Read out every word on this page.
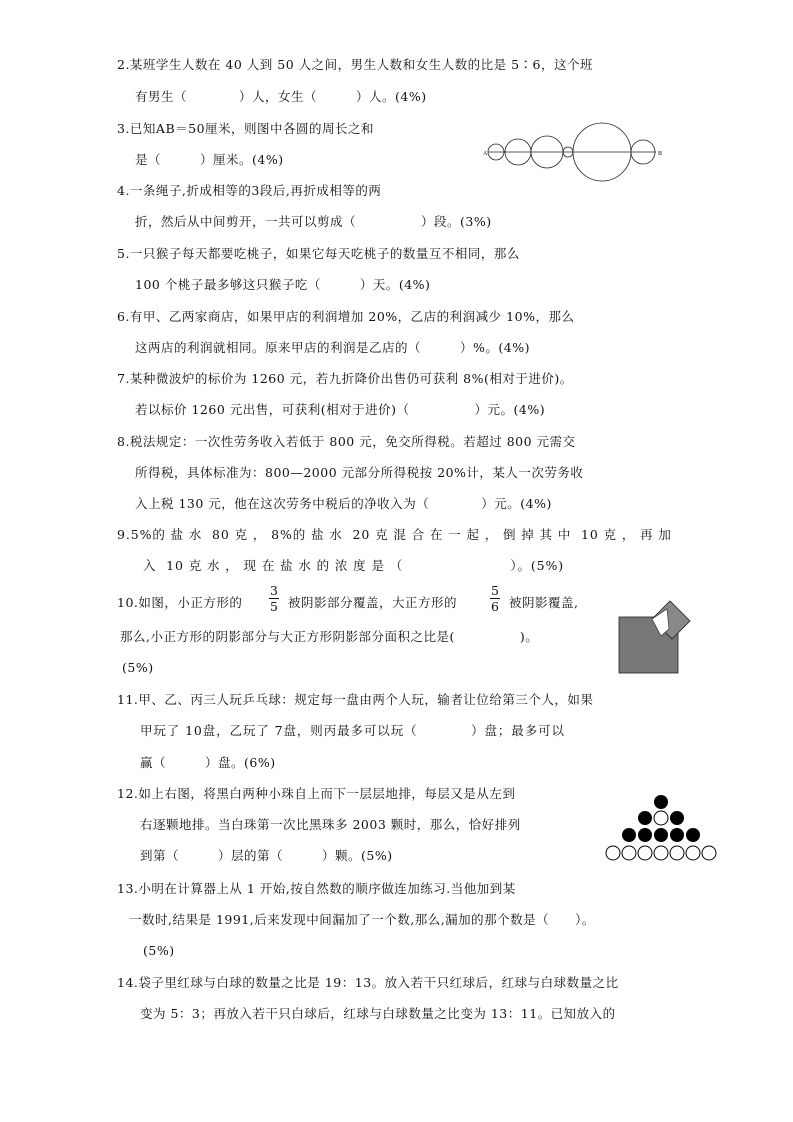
2.某班学生人数在 40 人到 50 人之间，男生人数和女生人数的比是 5∶6，这个班
有男生（　　　　）人，女生（　　　）人。(4%)
3.已知AB＝50厘米，则图中各圆的周长之和
是（　　　）厘米。(4%)	A	B
4.一条绳子,折成相等的3段后,再折成相等的两
折，然后从中间剪开，一共可以剪成（　　　　　）段。(3%)
5.一只猴子每天都要吃桃子，如果它每天吃桃子的数量互不相同，那么
100 个桃子最多够这只猴子吃（　　　）天。(4%)
6.有甲、乙两家商店，如果甲店的利润增加 20%，乙店的利润减少 10%，那么
这两店的利润就相同。原来甲店的利润是乙店的（　　　）%。(4%)
7.某种微波炉的标价为 1260 元，若九折降价出售仍可获利 8%(相对于进价)。
若以标价 1260 元出售，可获利(相对于进价)（　　　　　）元。(4%)
8.税法规定：一次性劳务收入若低于 800 元，免交所得税。若超过 800 元需交
所得税，具体标准为：800—2000 元部分所得税按 20%计，某人一次劳务收
入上税 130 元，他在这次劳务中税后的净收入为（　　　　）元。(4%)
9.5%的 盐 水  80 克 ， 8%的 盐 水  20 克 混 合 在 一 起 ， 倒 掉 其 中  10 克 ， 再 加
入  10 克 水 ， 现 在 盐 水 的 浓 度 是 （　　　　　　　　）。(5%)
10.如图，小正方形的 $\frac{3}{5}$ 被阴影部分覆盖，大正方形的	$\frac{5}{6}$ 被阴影覆盖,
那么,小正方形的阴影部分与大正方形阴影部分面积之比是(　　　　　)。
(5%)
11.甲、乙、丙三人玩乒乓球：规定每一盘由两个人玩，输者让位给第三个人，如果
甲玩了 10盘，乙玩了 7盘，则丙最多可以玩（　　　　）盘；最多可以
赢（　　　）盘。(6%)
12.如上右图，将黑白两种小珠自上而下一层层地排，每层又是从左到
右逐颗地排。当白珠第一次比黑珠多 2003 颗时，那么，恰好排列
到第（　　　）层的第（　　　）颗。(5%)
13.小明在计算器上从 1 开始,按自然数的顺序做连加练习.当他加到某
一数时,结果是 1991,后来发现中间漏加了一个数,那么,漏加的那个数是（　　）。
(5%)
14.袋子里红球与白球的数量之比是 19：13。放入若干只红球后，红球与白球数量之比
变为 5：3；再放入若干只白球后，红球与白球数量之比变为 13：11。已知放入的
